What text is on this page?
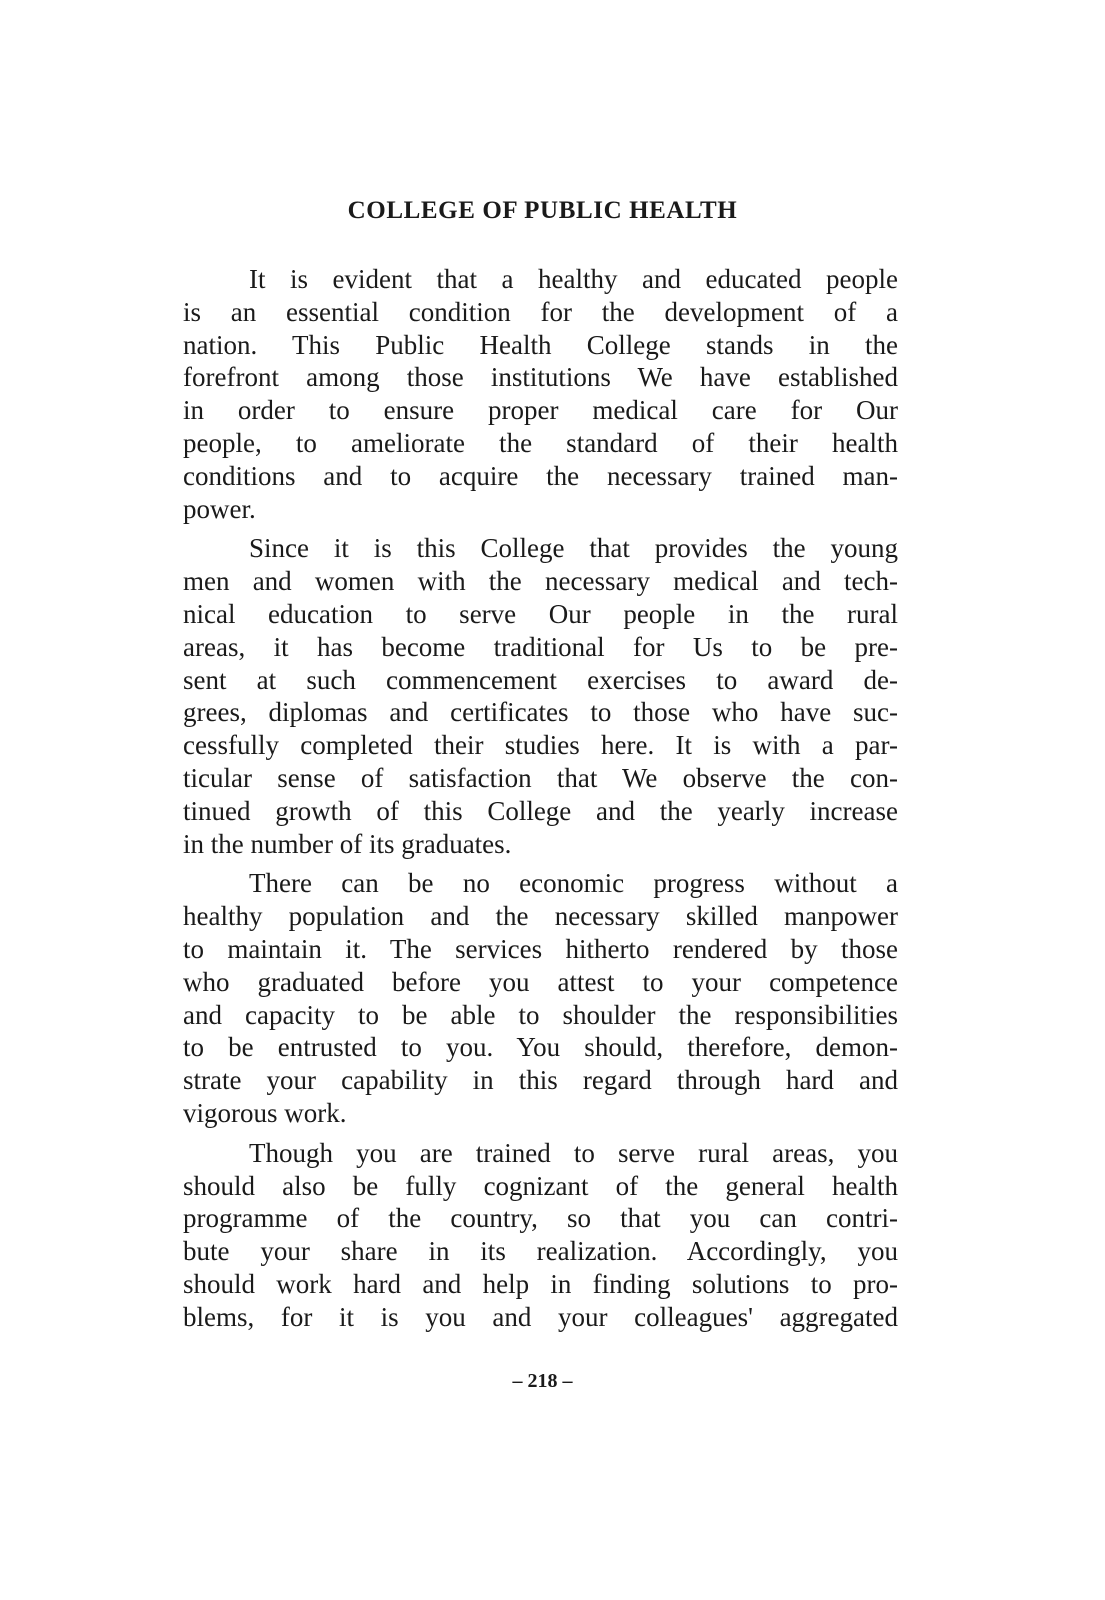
COLLEGE OF PUBLIC HEALTH
It is evident that a healthy and educated people
is an essential condition for the development of a
nation. This Public Health College stands in the
forefront among those institutions We have established
in order to ensure proper medical care for Our
people, to ameliorate the standard of their health
conditions and to acquire the necessary trained man-
power.
Since it is this College that provides the young
men and women with the necessary medical and tech-
nical education to serve Our people in the rural
areas, it has become traditional for Us to be pre-
sent at such commencement exercises to award de-
grees, diplomas and certificates to those who have suc-
cessfully completed their studies here. It is with a par-
ticular sense of satisfaction that We observe the con-
tinued growth of this College and the yearly increase
in the number of its graduates.
There can be no economic progress without a
healthy population and the necessary skilled manpower
to maintain it. The services hitherto rendered by those
who graduated before you attest to your competence
and capacity to be able to shoulder the responsibilities
to be entrusted to you. You should, therefore, demon-
strate your capability in this regard through hard and
vigorous work.
Though you are trained to serve rural areas, you
should also be fully cognizant of the general health
programme of the country, so that you can contri-
bute your share in its realization. Accordingly, you
should work hard and help in finding solutions to pro-
blems, for it is you and your colleagues' aggregated
– 218 –
